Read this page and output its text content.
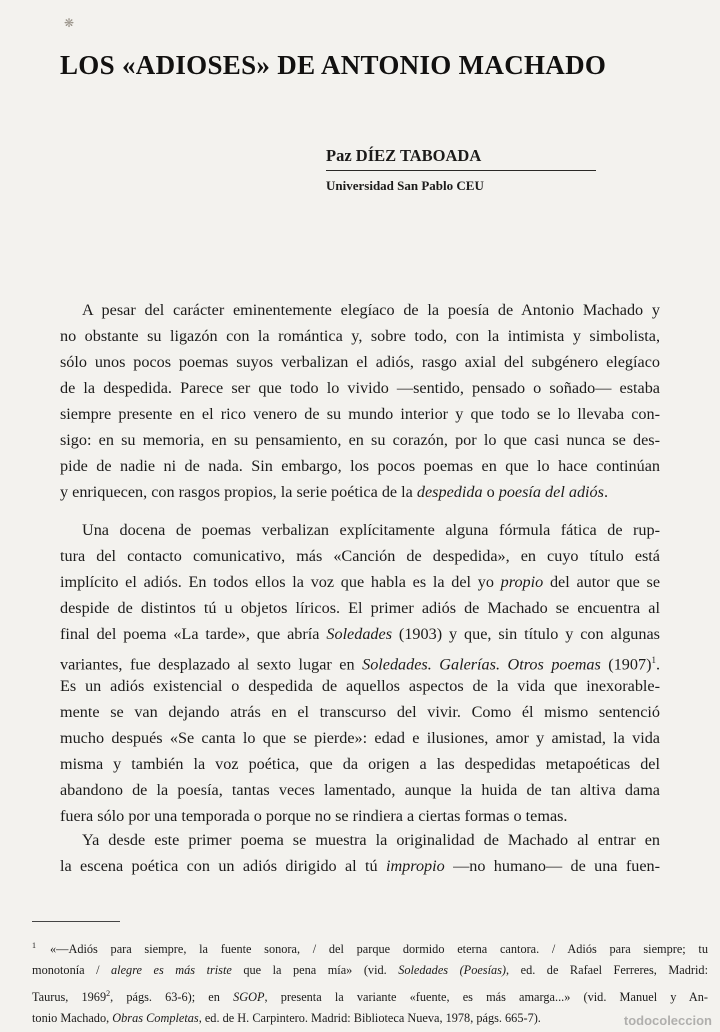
❋
LOS «ADIOSES» DE ANTONIO MACHADO
Paz DÍEZ TABOADA
Universidad San Pablo CEU
A pesar del carácter eminentemente elegíaco de la poesía de Antonio Machado y
no obstante su ligazón con la romántica y, sobre todo, con la intimista y simbolista,
sólo unos pocos poemas suyos verbalizan el adiós, rasgo axial del subgénero elegíaco
de la despedida. Parece ser que todo lo vivido —sentido, pensado o soñado— estaba
siempre presente en el rico venero de su mundo interior y que todo se lo llevaba con-
sigo: en su memoria, en su pensamiento, en su corazón, por lo que casi nunca se des-
pide de nadie ni de nada. Sin embargo, los pocos poemas en que lo hace continúan
y enriquecen, con rasgos propios, la serie poética de la despedida o poesía del adiós.
Una docena de poemas verbalizan explícitamente alguna fórmula fática de rup-
tura del contacto comunicativo, más «Canción de despedida», en cuyo título está
implícito el adiós. En todos ellos la voz que habla es la del yo propio del autor que se
despide de distintos tú u objetos líricos. El primer adiós de Machado se encuentra al
final del poema «La tarde», que abría Soledades (1903) y que, sin título y con algunas
variantes, fue desplazado al sexto lugar en Soledades. Galerías. Otros poemas $(1907)^1$.
Es un adiós existencial o despedida de aquellos aspectos de la vida que inexorable-
mente se van dejando atrás en el transcurso del vivir. Como él mismo sentenció
mucho después «Se canta lo que se pierde»: edad e ilusiones, amor y amistad, la vida
misma y también la voz poética, que da origen a las despedidas metapoéticas del
abandono de la poesía, tantas veces lamentado, aunque la huida de tan altiva dama
fuera sólo por una temporada o porque no se rindiera a ciertas formas o temas.
Ya desde este primer poema se muestra la originalidad de Machado al entrar en
la escena poética con un adiós dirigido al tú impropio —no humano— de una fuen-
$^1$ «—Adiós para siempre, la fuente sonora, / del parque dormido eterna cantora. / Adiós para siempre; tu
monotonía / alegre es más triste que la pena mía» (vid. Soledades (Poesías), ed. de Rafael Ferreres, Madrid:
Taurus, 1969$^2$, págs. 63-6); en SGOP, presenta la variante «fuente, es más amarga...» (vid. Manuel y An-
tonio Machado, Obras Completas, ed. de H. Carpintero. Madrid: Biblioteca Nueva, 1978, págs. 665-7).	todocoleccion
